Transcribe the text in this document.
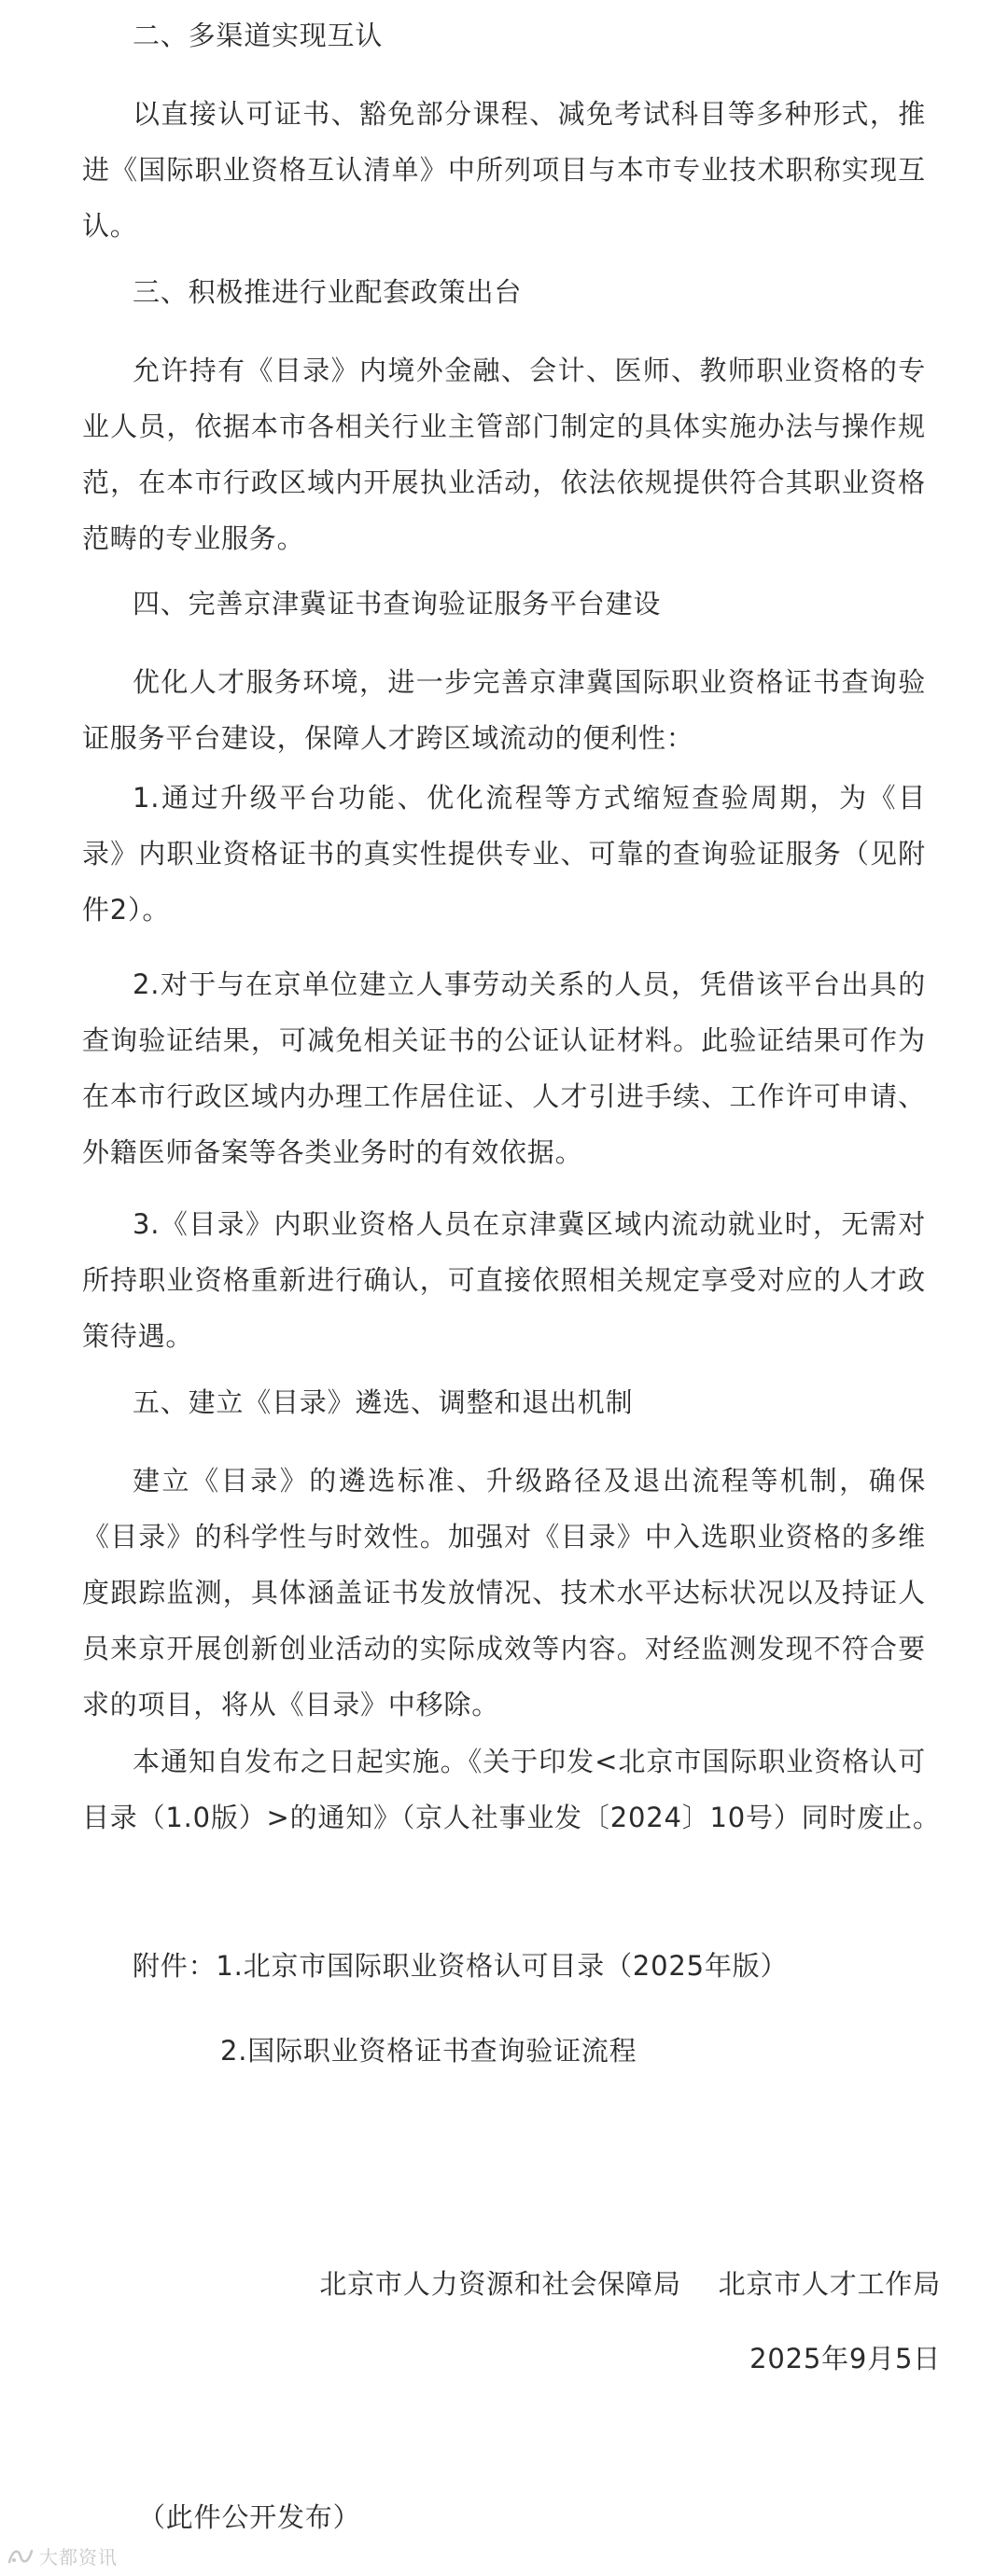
二、多渠道实现互认
以直接认可证书、豁免部分课程、减免考试科目等多种形式，推
进《国际职业资格互认清单》中所列项目与本市专业技术职称实现互
认。
三、积极推进行业配套政策出台
允许持有《目录》内境外金融、会计、医师、教师职业资格的专
业人员，依据本市各相关行业主管部门制定的具体实施办法与操作规
范，在本市行政区域内开展执业活动，依法依规提供符合其职业资格
范畴的专业服务。
四、完善京津冀证书查询验证服务平台建设
优化人才服务环境，进一步完善京津冀国际职业资格证书查询验
证服务平台建设，保障人才跨区域流动的便利性：
1.通过升级平台功能、优化流程等方式缩短查验周期，为《目
录》内职业资格证书的真实性提供专业、可靠的查询验证服务（见附
件2）。
2.对于与在京单位建立人事劳动关系的人员，凭借该平台出具的
查询验证结果，可减免相关证书的公证认证材料。此验证结果可作为
在本市行政区域内办理工作居住证、人才引进手续、工作许可申请、
外籍医师备案等各类业务时的有效依据。
3.《目录》内职业资格人员在京津冀区域内流动就业时，无需对
所持职业资格重新进行确认，可直接依照相关规定享受对应的人才政
策待遇。
五、建立《目录》遴选、调整和退出机制
建立《目录》的遴选标准、升级路径及退出流程等机制，确保
《目录》的科学性与时效性。加强对《目录》中入选职业资格的多维
度跟踪监测，具体涵盖证书发放情况、技术水平达标状况以及持证人
员来京开展创新创业活动的实际成效等内容。对经监测发现不符合要
求的项目，将从《目录》中移除。
本通知自发布之日起实施。《关于印发<北京市国际职业资格认可
目录（1.0版）>的通知》（京人社事业发〔2024〕10号）同时废止。
附件：1.北京市国际职业资格认可目录（2025年版）
2.国际职业资格证书查询验证流程
北京市人力资源和社会保障局　 北京市人才工作局
2025年9月5日
（此件公开发布）
大都资讯
